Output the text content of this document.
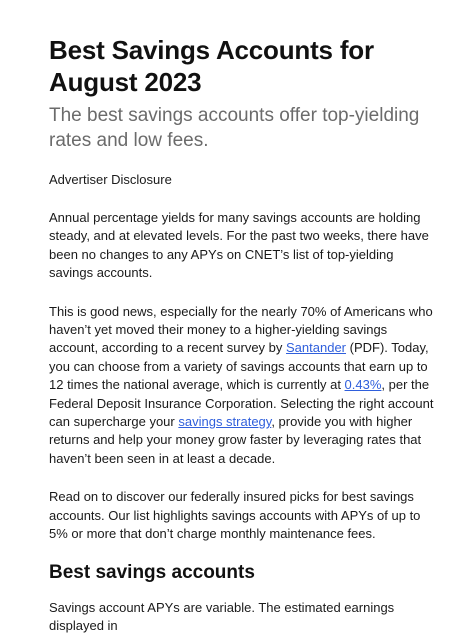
Best Savings Accounts for August 2023

The best savings accounts offer top-yielding rates and low fees.

Advertiser Disclosure

Annual percentage yields for many savings accounts are holding steady, and at elevated levels. For the past two weeks, there have been no changes to any APYs on CNET’s list of top-yielding savings accounts.

This is good news, especially for the nearly 70% of Americans who haven’t yet moved their money to a higher-yielding savings account, according to a recent survey by Santander (PDF). Today, you can choose from a variety of savings accounts that earn up to 12 times the national average, which is currently at 0.43%, per the Federal Deposit Insurance Corporation. Selecting the right account can supercharge your savings strategy, provide you with higher returns and help your money grow faster by leveraging rates that haven’t been seen in at least a decade.

Read on to discover our federally insured picks for best savings accounts. Our list highlights savings accounts with APYs of up to 5% or more that don’t charge monthly maintenance fees.

Best savings accounts

Savings account APYs are variable. The estimated earnings displayed in
